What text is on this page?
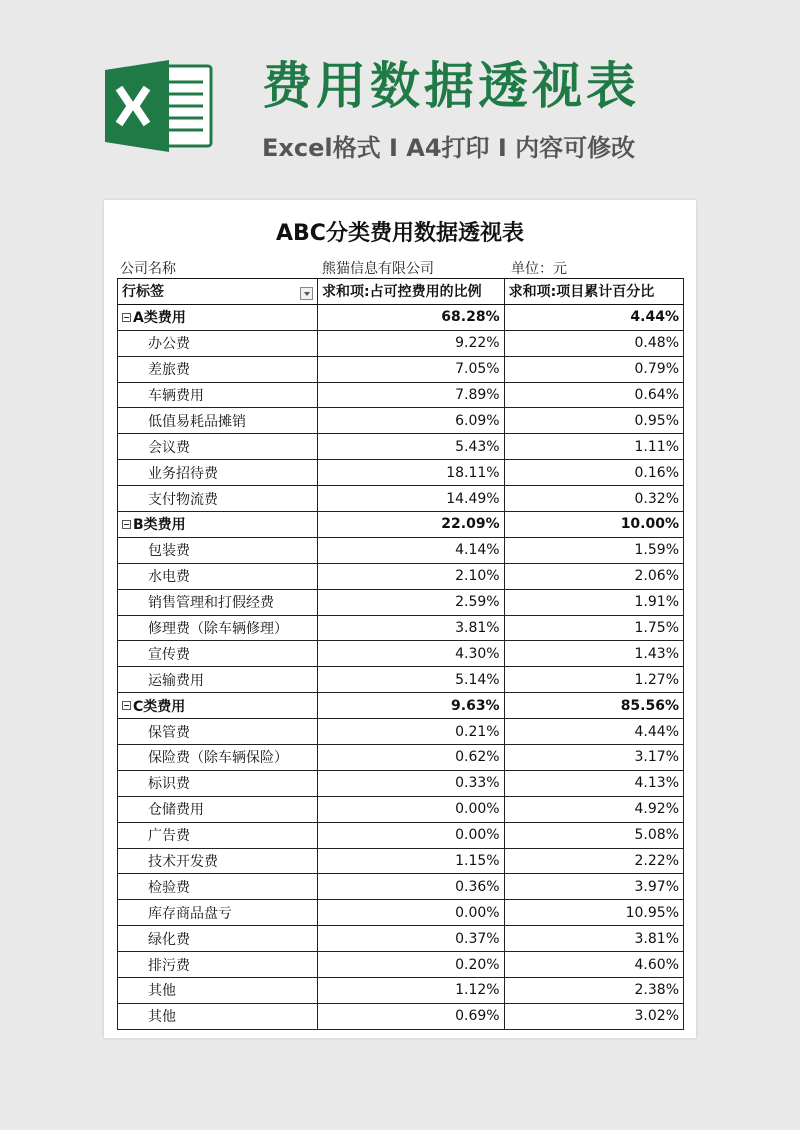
费用数据透视表
Excel格式 I A4打印 I 内容可修改
ABC分类费用数据透视表
公司名称	熊猫信息有限公司	单位：元
行标签	求和项:占可控费用的比例	求和项:项目累计百分比
− A类费用	68.28%	4.44%
办公费	9.22%	0.48%
差旅费	7.05%	0.79%
车辆费用	7.89%	0.64%
低值易耗品摊销	6.09%	0.95%
会议费	5.43%	1.11%
业务招待费	18.11%	0.16%
支付物流费	14.49%	0.32%
− B类费用	22.09%	10.00%
包装费	4.14%	1.59%
水电费	2.10%	2.06%
销售管理和打假经费	2.59%	1.91%
修理费（除车辆修理）	3.81%	1.75%
宣传费	4.30%	1.43%
运输费用	5.14%	1.27%
− C类费用	9.63%	85.56%
保管费	0.21%	4.44%
保险费（除车辆保险）	0.62%	3.17%
标识费	0.33%	4.13%
仓储费用	0.00%	4.92%
广告费	0.00%	5.08%
技术开发费	1.15%	2.22%
检验费	0.36%	3.97%
库存商品盘亏	0.00%	10.95%
绿化费	0.37%	3.81%
排污费	0.20%	4.60%
其他	1.12%	2.38%
其他	0.69%	3.02%
